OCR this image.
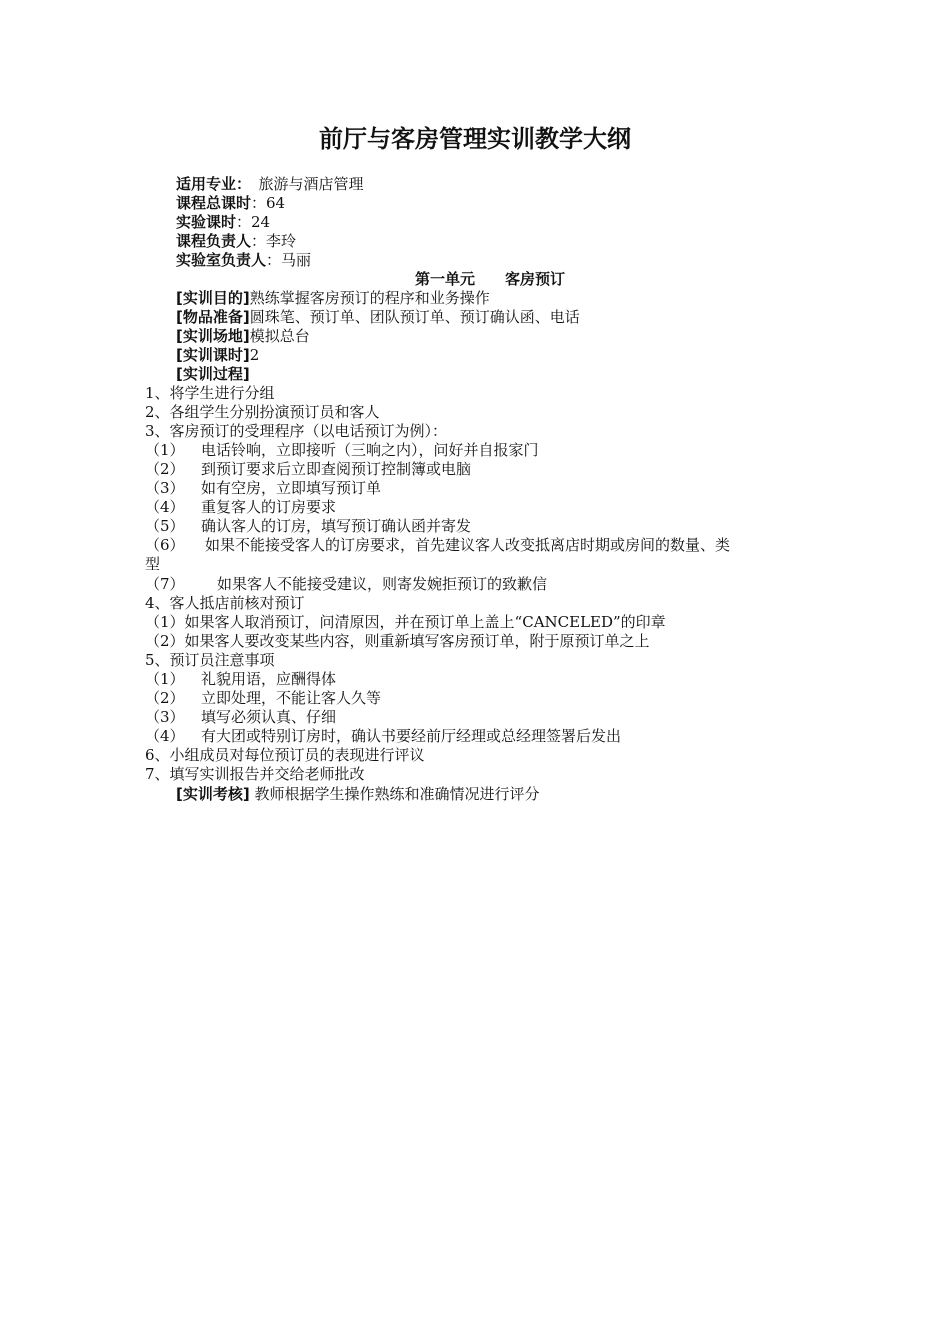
前厅与客房管理实训教学大纲
适用专业：　旅游与酒店管理
课程总课时：64
实验课时：24
课程负责人：李玲
实验室负责人：马丽
第一单元　　客房预订
[实训目的]熟练掌握客房预订的程序和业务操作
[物品准备]圆珠笔、预订单、团队预订单、预订确认函、电话
[实训场地]模拟总台
[实训课时]2
[实训过程]
1、将学生进行分组
2、各组学生分别扮演预订员和客人
3、客房预订的受理程序（以电话预订为例）：
（1） 电话铃响，立即接听（三响之内），问好并自报家门
（2） 到预订要求后立即查阅预订控制簿或电脑
（3） 如有空房，立即填写预订单
（4） 重复客人的订房要求
（5） 确认客人的订房，填写预订确认函并寄发
（6） 如果不能接受客人的订房要求，首先建议客人改变抵离店时期或房间的数量、类
型
（7） 如果客人不能接受建议，则寄发婉拒预订的致歉信
4、客人抵店前核对预订
（1）如果客人取消预订，问清原因，并在预订单上盖上“CANCELED”的印章
（2）如果客人要改变某些内容，则重新填写客房预订单，附于原预订单之上
5、预订员注意事项
（1） 礼貌用语，应酬得体
（2） 立即处理，不能让客人久等
（3） 填写必须认真、仔细
（4） 有大团或特别订房时，确认书要经前厅经理或总经理签署后发出
6、小组成员对每位预订员的表现进行评议
7、填写实训报告并交给老师批改
[实训考核] 教师根据学生操作熟练和准确情况进行评分
